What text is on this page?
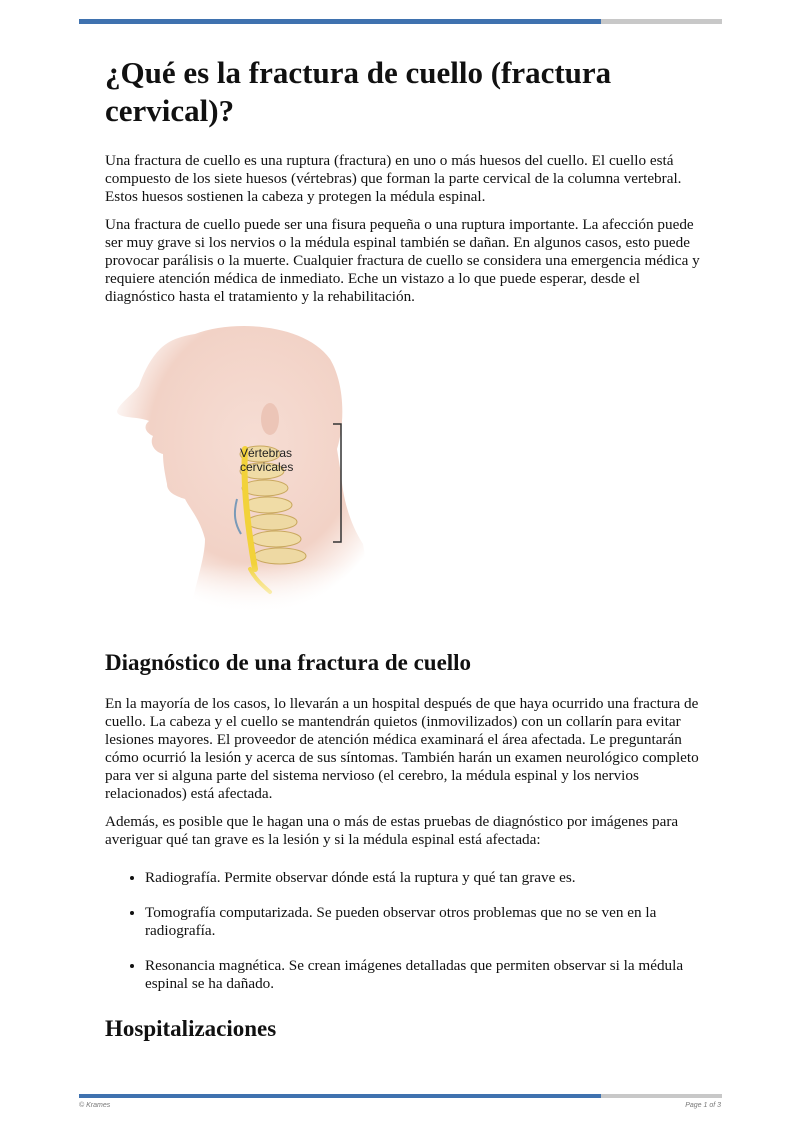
¿Qué es la fractura de cuello (fractura cervical)?

Una fractura de cuello es una ruptura (fractura) en uno o más huesos del cuello. El cuello está compuesto de los siete huesos (vértebras) que forman la parte cervical de la columna vertebral. Estos huesos sostienen la cabeza y protegen la médula espinal.

Una fractura de cuello puede ser una fisura pequeña o una ruptura importante. La afección puede ser muy grave si los nervios o la médula espinal también se dañan. En algunos casos, esto puede provocar parálisis o la muerte. Cualquier fractura de cuello se considera una emergencia médica y requiere atención médica de inmediato. Eche un vistazo a lo que puede esperar, desde el diagnóstico hasta el tratamiento y la rehabilitación.

Vértebras
cervicales
Diagnóstico de una fractura de cuello

En la mayoría de los casos, lo llevarán a un hospital después de que haya ocurrido una fractura de cuello. La cabeza y el cuello se mantendrán quietos (inmovilizados) con un collarín para evitar lesiones mayores. El proveedor de atención médica examinará el área afectada. Le preguntarán cómo ocurrió la lesión y acerca de sus síntomas. También harán un examen neurológico completo para ver si alguna parte del sistema nervioso (el cerebro, la médula espinal y los nervios relacionados) está afectada.

Además, es posible que le hagan una o más de estas pruebas de diagnóstico por imágenes para averiguar qué tan grave es la lesión y si la médula espinal está afectada:

• Radiografía. Permite observar dónde está la ruptura y qué tan grave es.
• Tomografía computarizada. Se pueden observar otros problemas que no se ven en la radiografía.
• Resonancia magnética. Se crean imágenes detalladas que permiten observar si la médula espinal se ha dañado.
Hospitalizaciones
© Krames	Page 1 of 3
